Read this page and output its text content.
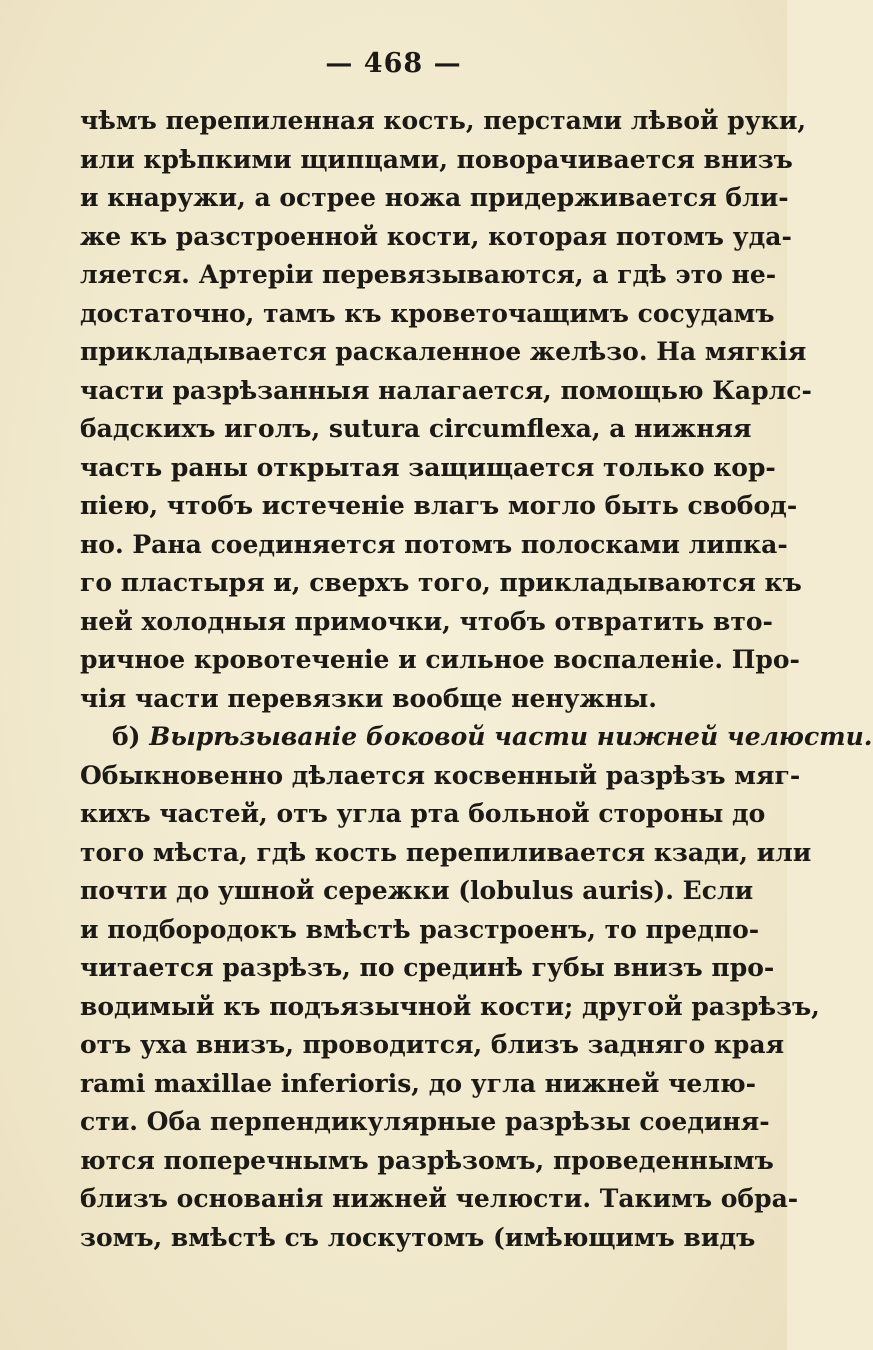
— 468 —
чѣмъ перепиленная кость, перстами лѣвой руки,
или крѣпкими щипцами, поворачивается внизъ
и кнаружи, а острее ножа придерживается бли-
же къ разстроенной кости, которая потомъ уда-
ляется. Артеріи перевязываются, а гдѣ это не-
достаточно, тамъ къ кроветочащимъ сосудамъ
прикладывается раскаленное желѣзо. На мягкія
части разрѣзанныя налагается, помощью Карлс-
бадскихъ иголъ, sutura circumflexa, а нижняя
часть раны открытая защищается только кор-
піею, чтобъ истеченіе влагъ могло быть свобод-
но. Рана соединяется потомъ полосками липка-
го пластыря и, сверхъ того, прикладываются къ
ней холодныя примочки, чтобъ отвратить вто-
ричное кровотеченіе и сильное воспаленіе. Про-
чія части перевязки вообще ненужны.
б) Вырѣзываніе боковой части нижней челюсти.
Обыкновенно дѣлается косвенный разрѣзъ мяг-
кихъ частей, отъ угла рта больной стороны до
того мѣста, гдѣ кость перепиливается кзади, или
почти до ушной сережки (lobulus auris). Если
и подбородокъ вмѣстѣ разстроенъ, то предпо-
читается разрѣзъ, по срединѣ губы внизъ про-
водимый къ подъязычной кости; другой разрѣзъ,
отъ уха внизъ, проводится, близъ задняго края
rami maxillae inferioris, до угла нижней челю-
сти. Оба перпендикулярные разрѣзы соединя-
ются поперечнымъ разрѣзомъ, проведеннымъ
близъ основанія нижней челюсти. Такимъ обра-
зомъ, вмѣстѣ съ лоскутомъ (имѣющимъ видъ
